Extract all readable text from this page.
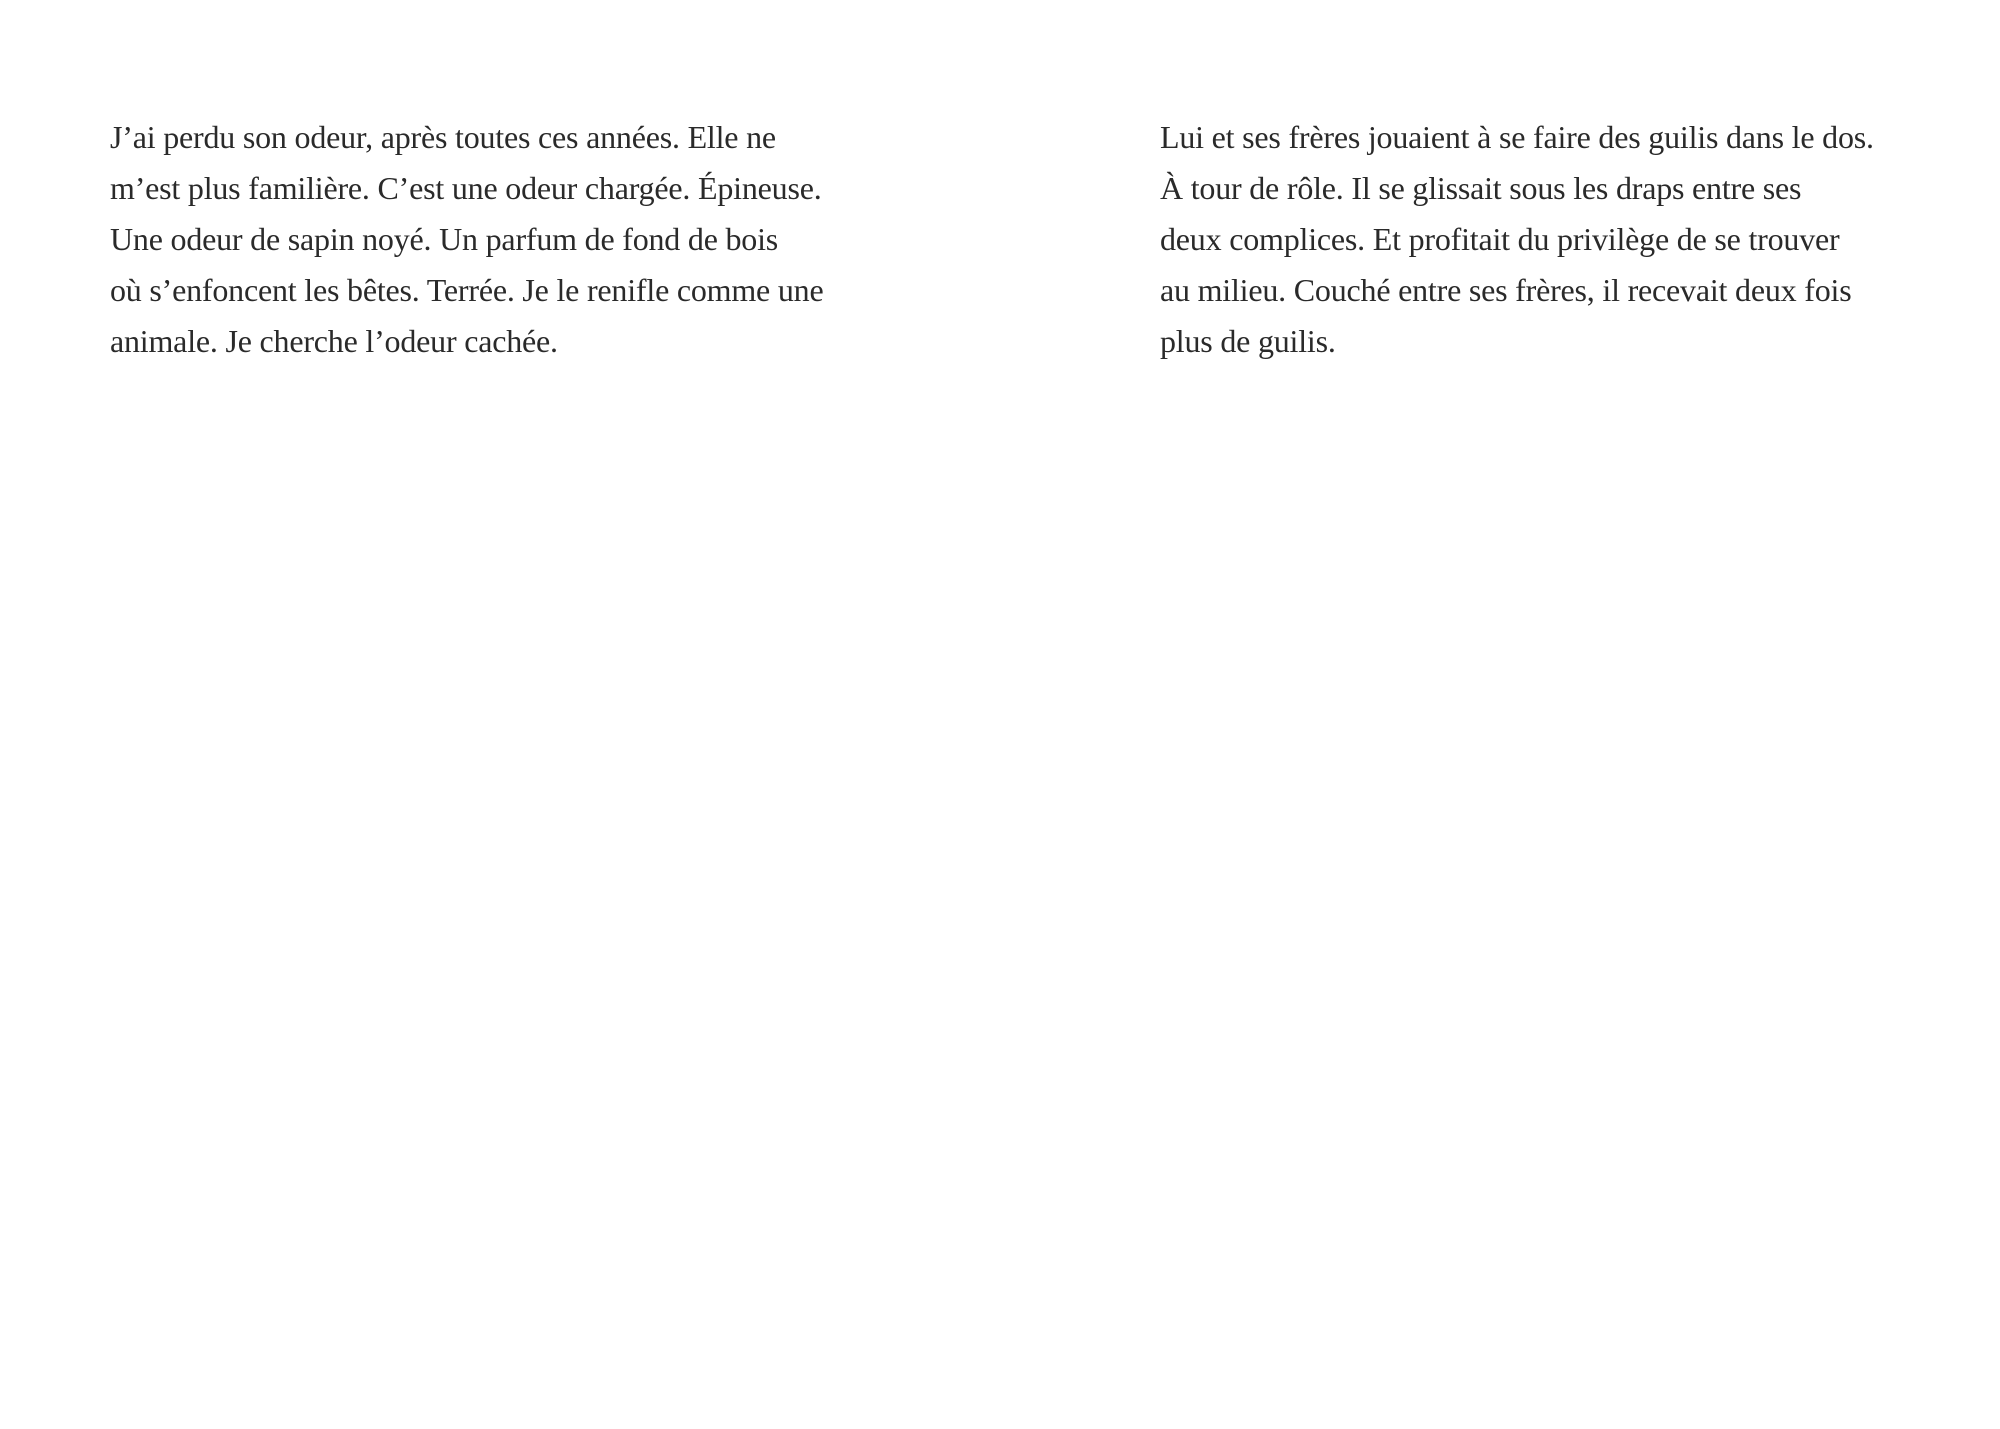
J’ai perdu son odeur, après toutes ces années. Elle ne
m’est plus familière. C’est une odeur chargée. Épineuse.
Une odeur de sapin noyé. Un parfum de fond de bois
où s’enfoncent les bêtes. Terrée. Je le renifle comme une
animale. Je cherche l’odeur cachée.
Lui et ses frères jouaient à se faire des guilis dans le dos.
À tour de rôle. Il se glissait sous les draps entre ses
deux complices. Et profitait du privilège de se trouver
au milieu. Couché entre ses frères, il recevait deux fois
plus de guilis.
